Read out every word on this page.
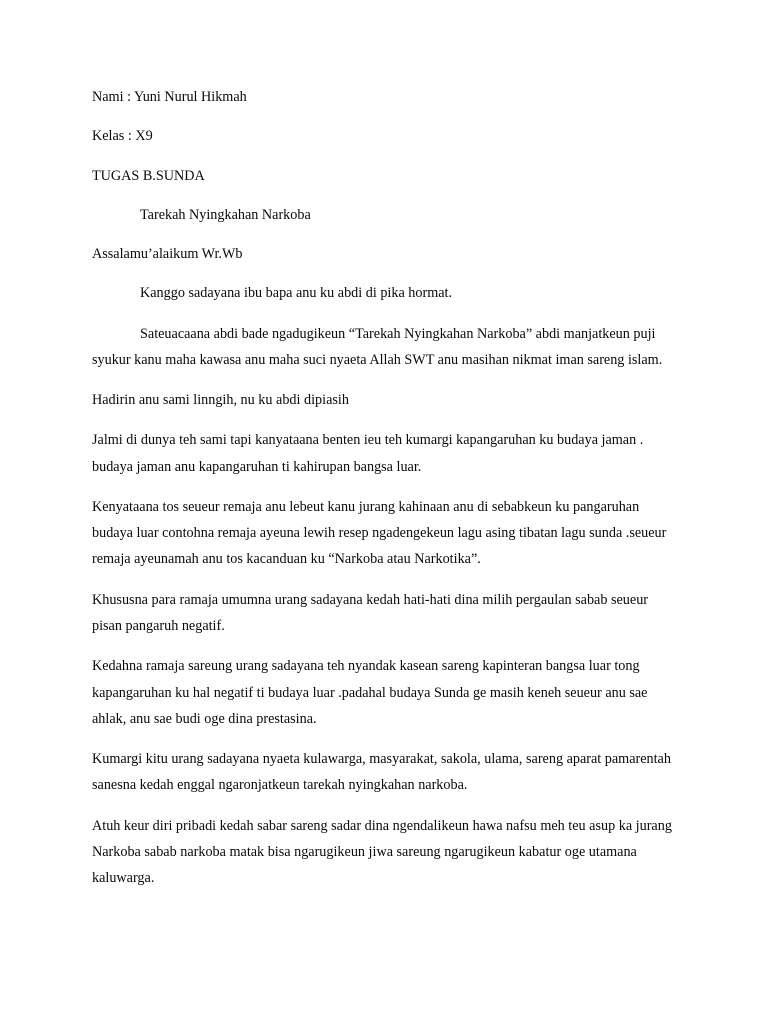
Nami : Yuni Nurul Hikmah

Kelas : X9

TUGAS B.SUNDA

Tarekah Nyingkahan Narkoba

Assalamu’alaikum Wr.Wb

Kanggo sadayana ibu bapa anu ku abdi di pika hormat.

Sateuacaana abdi bade ngadugikeun “Tarekah Nyingkahan Narkoba” abdi manjatkeun puji syukur kanu maha kawasa anu maha suci nyaeta Allah SWT anu masihan nikmat iman sareng islam.

Hadirin anu sami linngih, nu ku abdi dipiasih

Jalmi di dunya teh sami tapi kanyataana benten ieu teh kumargi kapangaruhan ku budaya jaman . budaya jaman anu kapangaruhan ti kahirupan bangsa luar.

Kenyataana tos seueur remaja anu lebeut kanu jurang kahinaan anu di sebabkeun ku pangaruhan budaya luar contohna remaja ayeuna lewih resep ngadengekeun lagu asing tibatan lagu sunda .seueur remaja ayeunamah anu tos kacanduan ku “Narkoba atau Narkotika”.

Khususna para ramaja umumna urang sadayana kedah hati-hati dina milih pergaulan sabab seueur pisan pangaruh negatif.

Kedahna ramaja sareung urang sadayana teh nyandak kasean sareng kapinteran bangsa luar tong kapangaruhan ku hal negatif ti budaya luar .padahal budaya Sunda ge masih keneh seueur anu sae ahlak, anu sae budi oge dina prestasina.

Kumargi kitu urang sadayana nyaeta kulawarga, masyarakat, sakola, ulama, sareng aparat pamarentah sanesna kedah enggal ngaronjatkeun tarekah nyingkahan narkoba.

Atuh keur diri pribadi kedah sabar sareng sadar dina ngendalikeun hawa nafsu meh teu asup ka jurang Narkoba sabab narkoba matak bisa ngarugikeun jiwa sareung ngarugikeun kabatur oge utamana kaluwarga.
